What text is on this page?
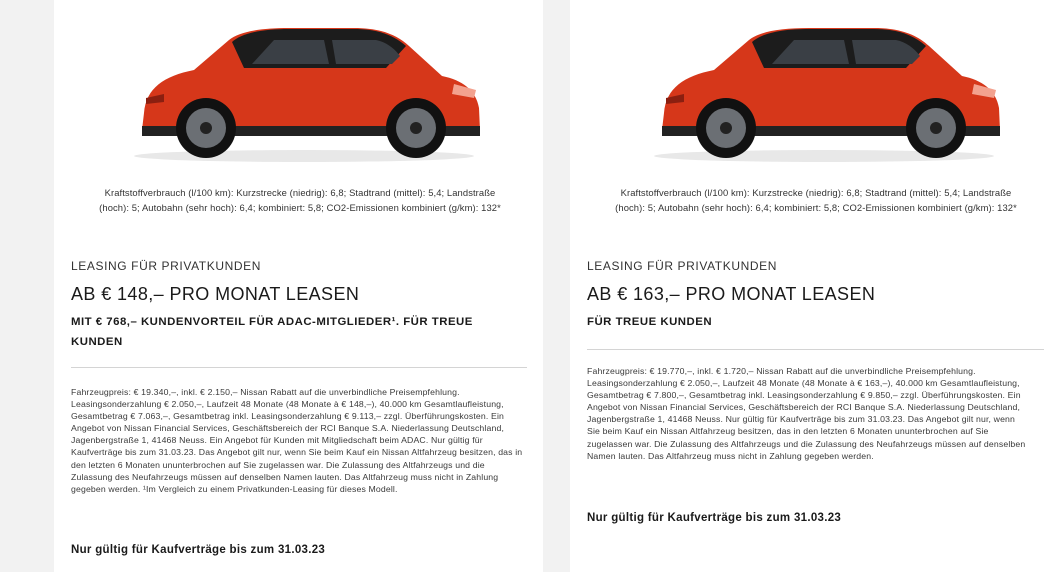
Kraftstoffverbrauch (l/100 km): Kurzstrecke (niedrig): 6,8; Stadtrand (mittel): 5,4; Landstraße (hoch): 5; Autobahn (sehr hoch): 6,4; kombiniert: 5,8; CO2-Emissionen kombiniert (g/km): 132*
LEASING FÜR PRIVATKUNDEN
AB € 148,– PRO MONAT LEASEN
MIT € 768,– KUNDENVORTEIL FÜR ADAC-MITGLIEDER¹. FÜR TREUE KUNDEN
Fahrzeugpreis: € 19.340,–, inkl. € 2.150,– Nissan Rabatt auf die unverbindliche Preisempfehlung. Leasingsonderzahlung € 2.050,–, Laufzeit 48 Monate (48 Monate à € 148,–), 40.000 km Gesamtlaufleistung, Gesamtbetrag € 7.063,–, Gesamtbetrag inkl. Leasingsonderzahlung € 9.113,– zzgl. Überführungskosten. Ein Angebot von Nissan Financial Services, Geschäftsbereich der RCI Banque S.A. Niederlassung Deutschland, Jagenbergstraße 1, 41468 Neuss. Ein Angebot für Kunden mit Mitgliedschaft beim ADAC. Nur gültig für Kaufverträge bis zum 31.03.23. Das Angebot gilt nur, wenn Sie beim Kauf ein Nissan Altfahrzeug besitzen, das in den letzten 6 Monaten ununterbrochen auf Sie zugelassen war. Die Zulassung des Altfahrzeugs und die Zulassung des Neufahrzeugs müssen auf denselben Namen lauten. Das Altfahrzeug muss nicht in Zahlung gegeben werden. ¹Im Vergleich zu einem Privatkunden-Leasing für dieses Modell.
Nur gültig für Kaufverträge bis zum 31.03.23
Kraftstoffverbrauch (l/100 km): Kurzstrecke (niedrig): 6,8; Stadtrand (mittel): 5,4; Landstraße (hoch): 5; Autobahn (sehr hoch): 6,4; kombiniert: 5,8; CO2-Emissionen kombiniert (g/km): 132*
LEASING FÜR PRIVATKUNDEN
AB € 163,– PRO MONAT LEASEN
FÜR TREUE KUNDEN
Fahrzeugpreis: € 19.770,–, inkl. € 1.720,– Nissan Rabatt auf die unverbindliche Preisempfehlung. Leasingsonderzahlung € 2.050,–, Laufzeit 48 Monate (48 Monate à € 163,–), 40.000 km Gesamtlaufleistung, Gesamtbetrag € 7.800,–, Gesamtbetrag inkl. Leasingsonderzahlung € 9.850,– zzgl. Überführungskosten. Ein Angebot von Nissan Financial Services, Geschäftsbereich der RCI Banque S.A. Niederlassung Deutschland, Jagenbergstraße 1, 41468 Neuss. Nur gültig für Kaufverträge bis zum 31.03.23. Das Angebot gilt nur, wenn Sie beim Kauf ein Nissan Altfahrzeug besitzen, das in den letzten 6 Monaten ununterbrochen auf Sie zugelassen war. Die Zulassung des Altfahrzeugs und die Zulassung des Neufahrzeugs müssen auf denselben Namen lauten. Das Altfahrzeug muss nicht in Zahlung gegeben werden.
Nur gültig für Kaufverträge bis zum 31.03.23
